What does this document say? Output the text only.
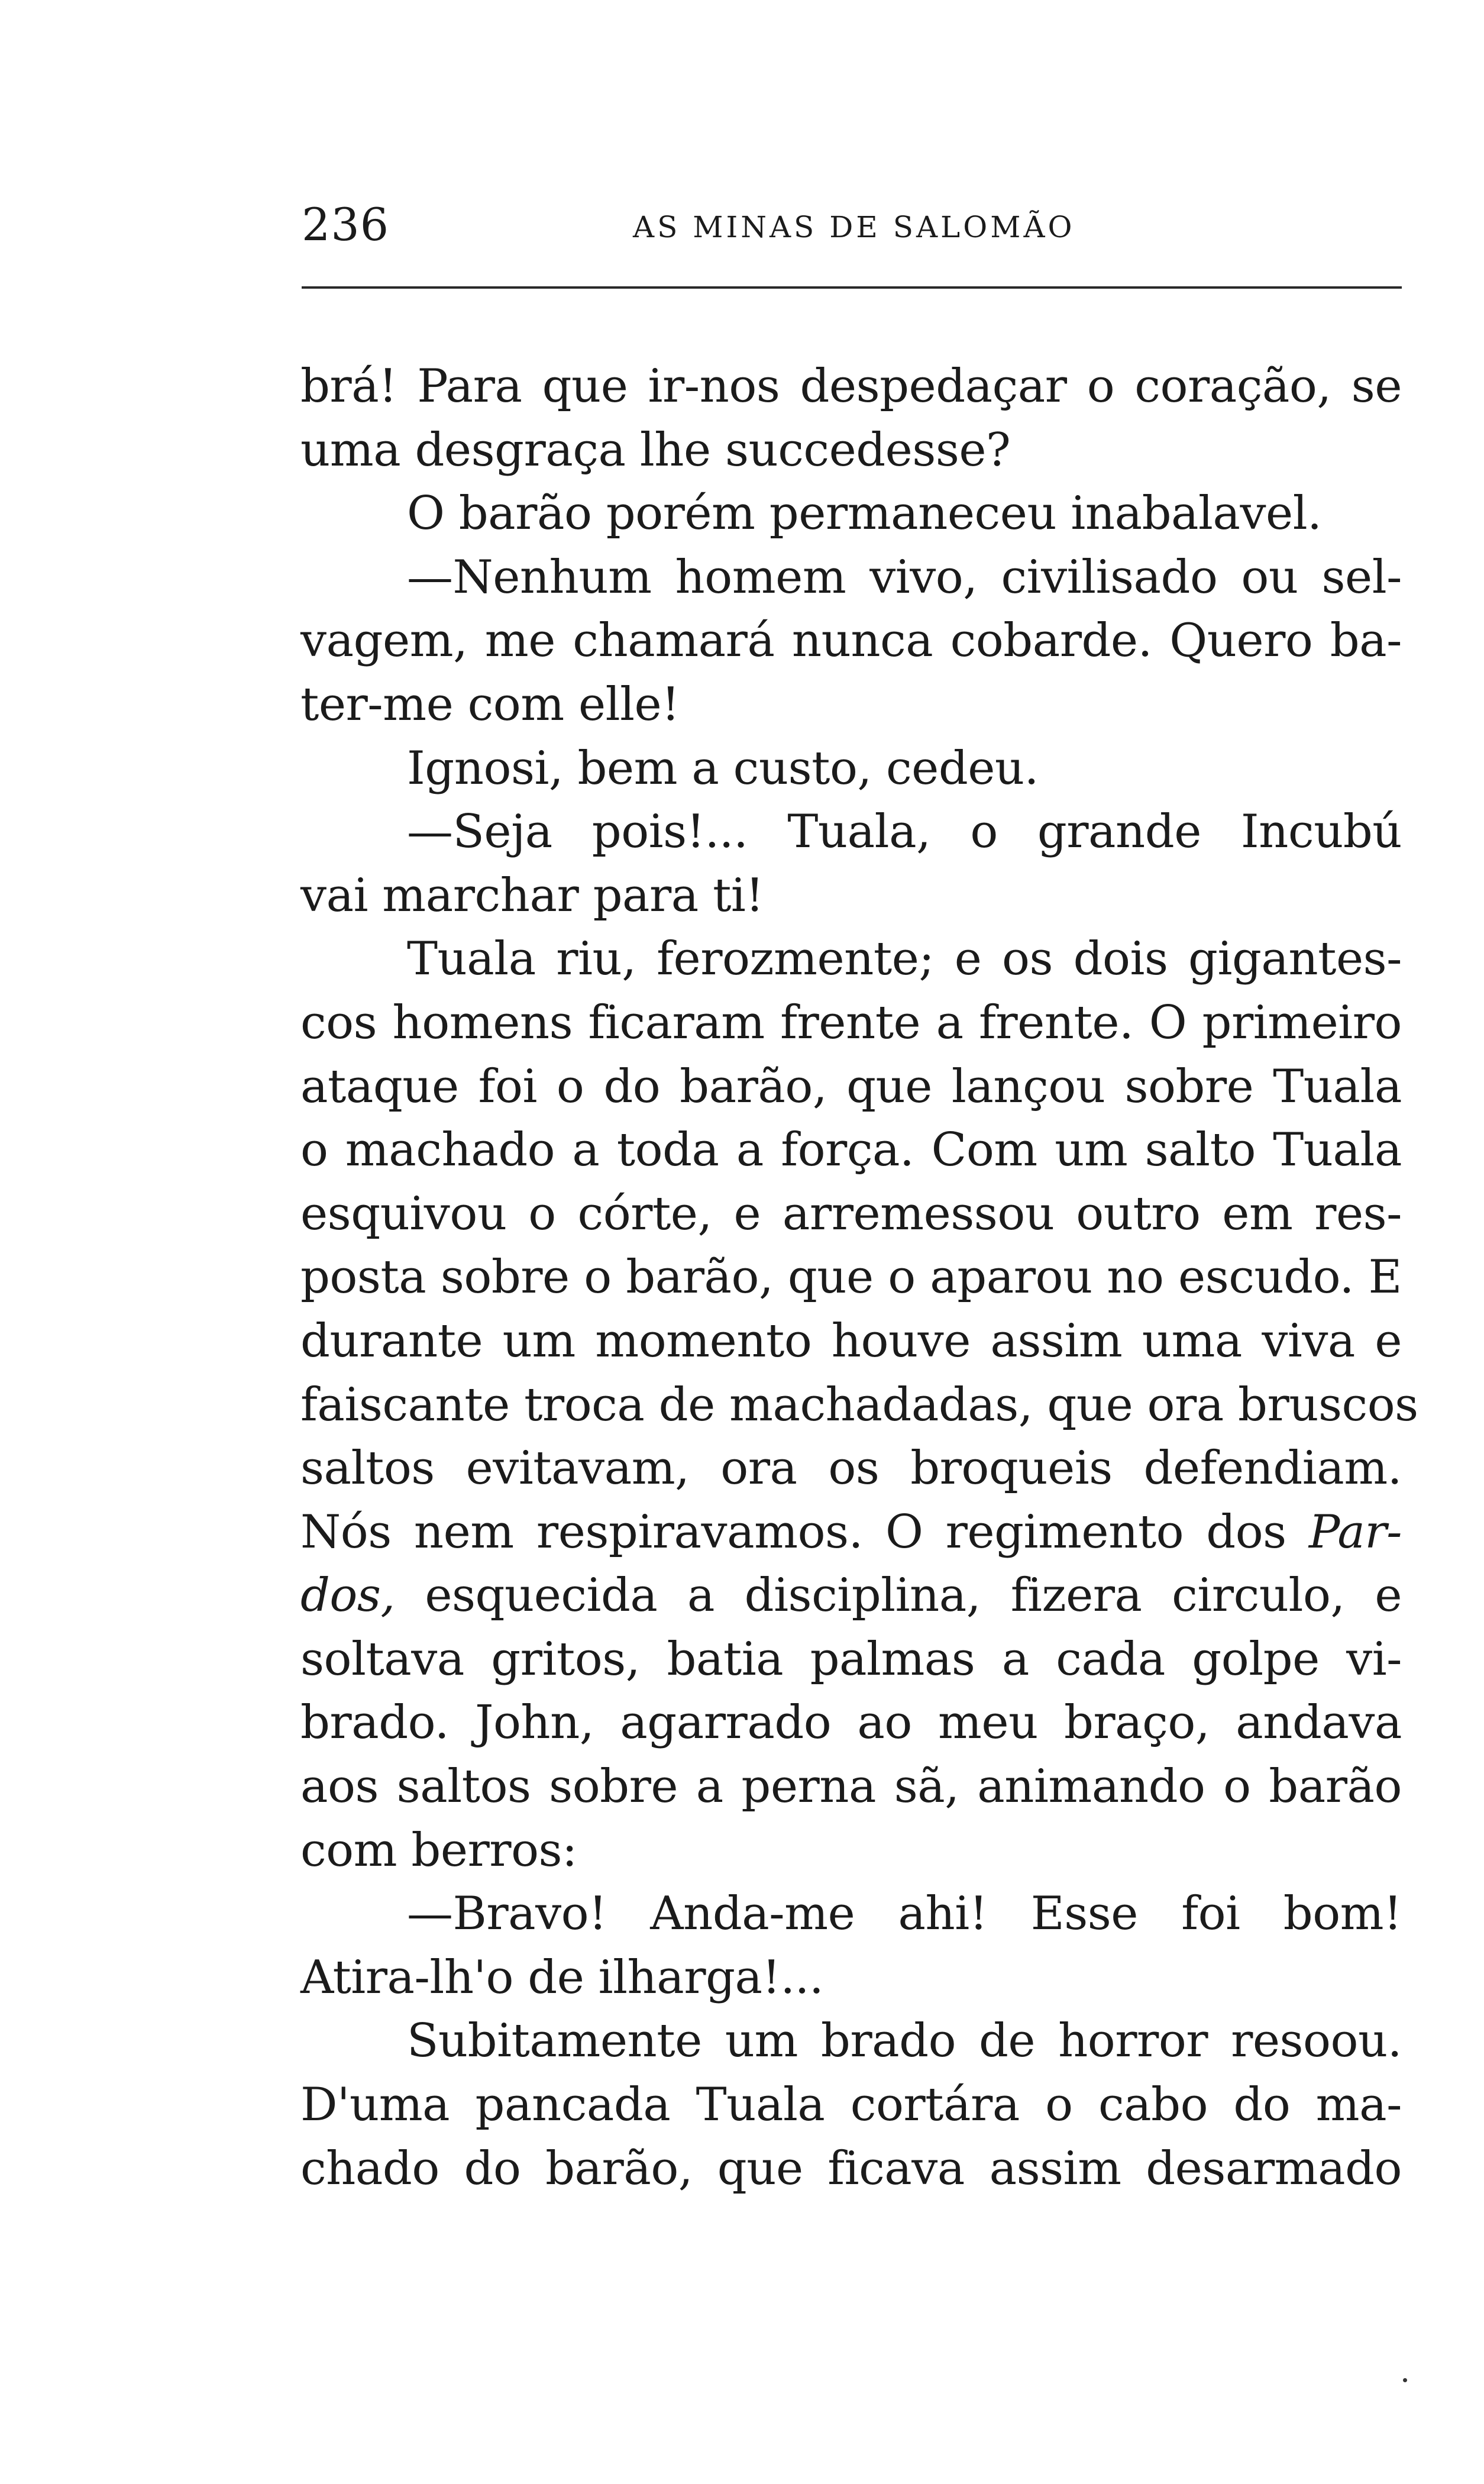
236	AS MINAS DE SALOMÃO
brá! Para que ir-nos despedaçar o coração, se
uma desgraça lhe succedesse?
O barão porém permaneceu inabalavel.
—Nenhum homem vivo, civilisado ou sel-
vagem, me chamará nunca cobarde. Quero ba-
ter-me com elle!
Ignosi, bem a custo, cedeu.
—Seja pois!... Tuala, o grande Incubú
vai marchar para ti!
Tuala riu, ferozmente; e os dois gigantes-
cos homens ficaram frente a frente. O primeiro
ataque foi o do barão, que lançou sobre Tuala
o machado a toda a força. Com um salto Tuala
esquivou o córte, e arremessou outro em res-
posta sobre o barão, que o aparou no escudo. E
durante um momento houve assim uma viva e
faiscante troca de machadadas, que ora bruscos
saltos evitavam, ora os broqueis defendiam.
Nós nem respiravamos. O regimento dos Par-
dos, esquecida a disciplina, fizera circulo, e
soltava gritos, batia palmas a cada golpe vi-
brado. John, agarrado ao meu braço, andava
aos saltos sobre a perna sã, animando o barão
com berros:
—Bravo! Anda-me ahi! Esse foi bom!
Atira-lh'o de ilharga!...
Subitamente um brado de horror resoou.
D'uma pancada Tuala cortára o cabo do ma-
chado do barão, que ficava assim desarmado
